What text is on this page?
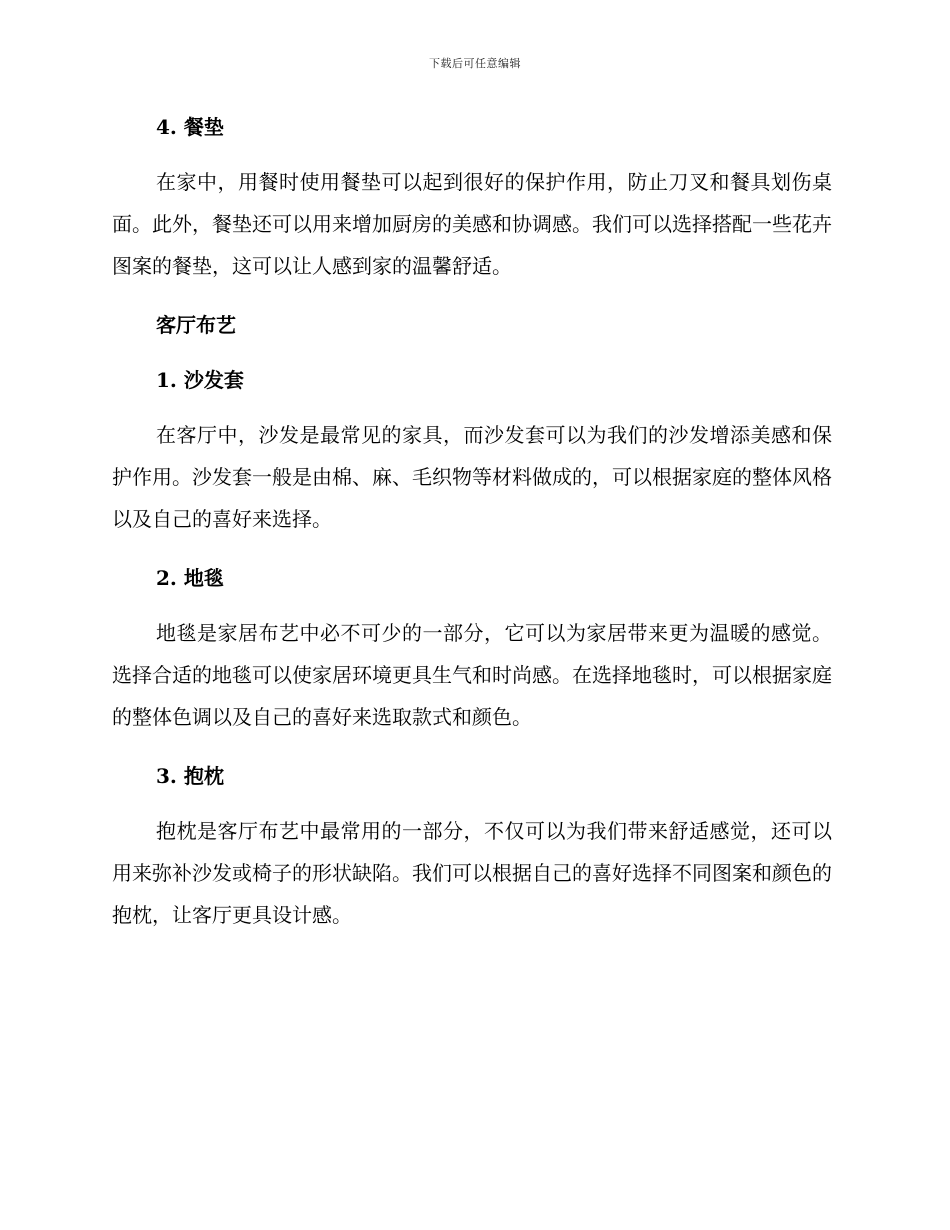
下载后可任意编辑
4. 餐垫

在家中，用餐时使用餐垫可以起到很好的保护作用，防止刀叉和餐具划伤桌面。此外，餐垫还可以用来增加厨房的美感和协调感。我们可以选择搭配一些花卉图案的餐垫，这可以让人感到家的温馨舒适。

客厅布艺
1. 沙发套

在客厅中，沙发是最常见的家具，而沙发套可以为我们的沙发增添美感和保护作用。沙发套一般是由棉、麻、毛织物等材料做成的，可以根据家庭的整体风格以及自己的喜好来选择。

2. 地毯

地毯是家居布艺中必不可少的一部分，它可以为家居带来更为温暖的感觉。选择合适的地毯可以使家居环境更具生气和时尚感。在选择地毯时，可以根据家庭的整体色调以及自己的喜好来选取款式和颜色。

3. 抱枕

抱枕是客厅布艺中最常用的一部分，不仅可以为我们带来舒适感觉，还可以用来弥补沙发或椅子的形状缺陷。我们可以根据自己的喜好选择不同图案和颜色的抱枕，让客厅更具设计感。
